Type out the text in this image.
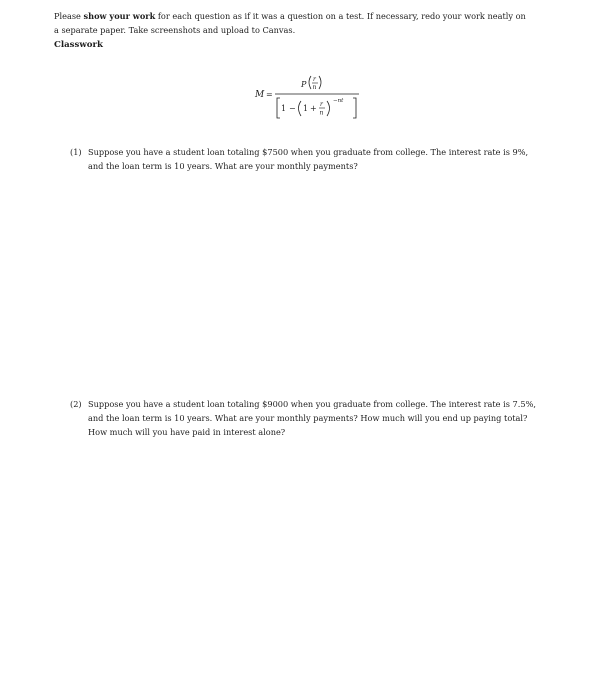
Please show your work for each question as if it was a question on a test. If necessary, redo your work neatly on
a separate paper. Take screenshots and upload to Canvas.

Classwork

M =
P
r
n
1 − 1 + r
n
−nt
(1) Suppose you have a student loan totaling $7500 when you graduate from college. The interest rate is 9%,
and the loan term is 10 years. What are your monthly payments?
(2) Suppose you have a student loan totaling $9000 when you graduate from college. The interest rate is 7.5%,
and the loan term is 10 years. What are your monthly payments? How much will you end up paying total?
How much will you have paid in interest alone?
